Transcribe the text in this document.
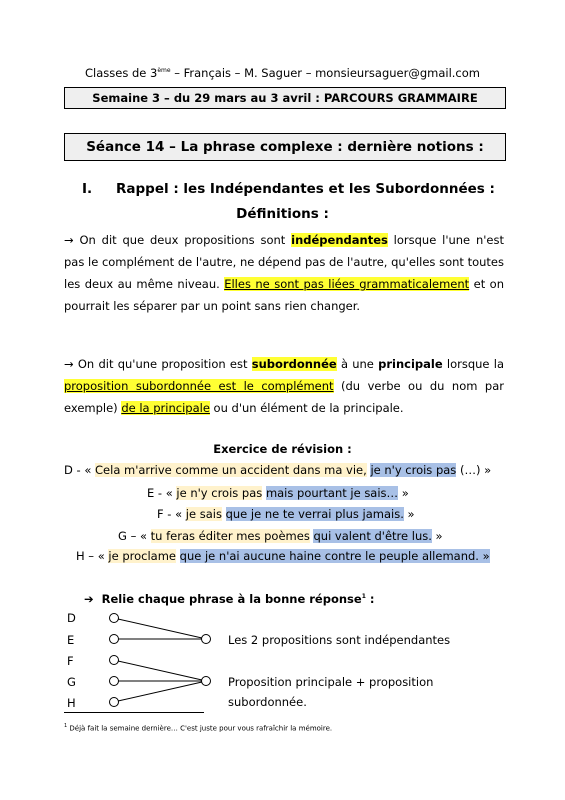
Classes de 3ème – Français – M. Saguer – monsieursaguer@gmail.com
Semaine 3 – du 29 mars au 3 avril : PARCOURS GRAMMAIRE
Séance 14 – La phrase complexe : dernière notions :
I. Rappel : les Indépendantes et les Subordonnées :
Définitions :
→ On dit que deux propositions sont indépendantes lorsque l'une n'est pas le complément de l'autre, ne dépend pas de l'autre, qu'elles sont toutes les deux au même niveau. Elles ne sont pas liées grammaticalement et on pourrait les séparer par un point sans rien changer.
→ On dit qu'une proposition est subordonnée à une principale lorsque la proposition subordonnée est le complément (du verbe ou du nom par exemple) de la principale ou d'un élément de la principale.
Exercice de révision :
D - « Cela m'arrive comme un accident dans ma vie, je n'y crois pas (…) »
E - « je n'y crois pas mais pourtant je sais… »
F - « je sais que je ne te verrai plus jamais. »
G – « tu feras éditer mes poèmes qui valent d'être lus. »
H – « je proclame que je n'ai aucune haine contre le peuple allemand. »
➔ Relie chaque phrase à la bonne réponse$^1$ :
D
E
F
G
H
Les 2 propositions sont indépendantes
Proposition principale + proposition
subordonnée.
$^1$ Déjà fait la semaine dernière… C'est juste pour vous rafraîchir la mémoire.
